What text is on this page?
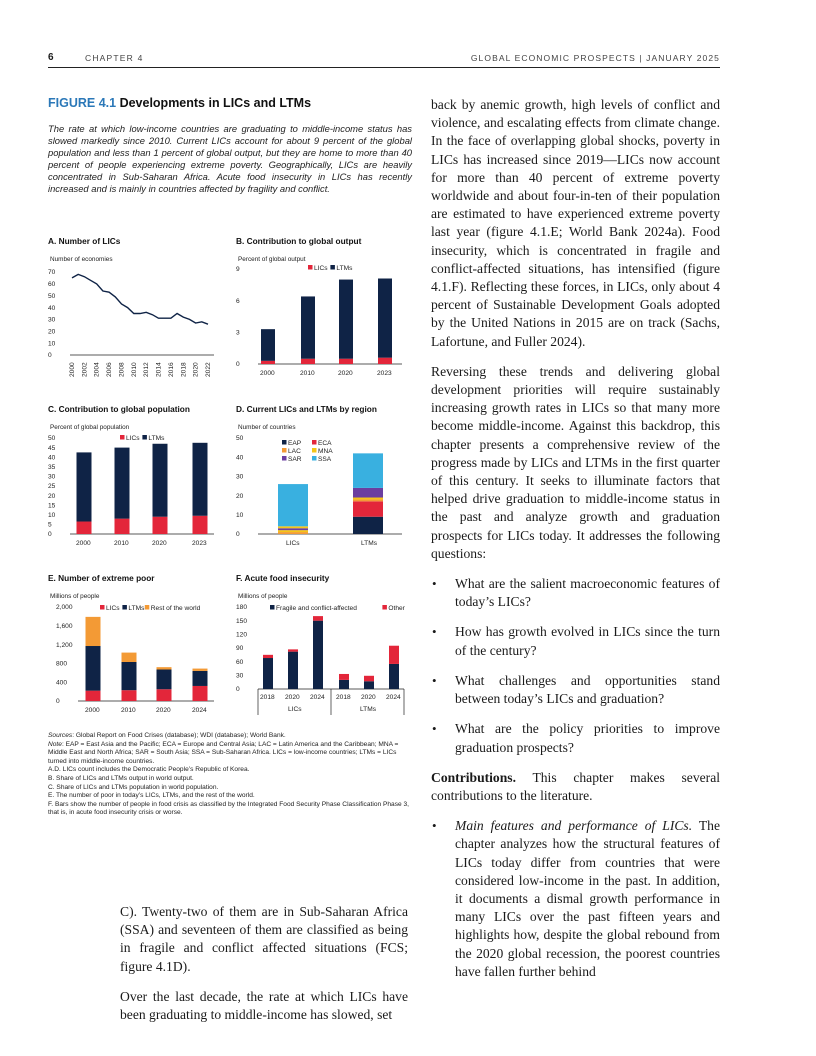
6	CHAPTER 4	GLOBAL ECONOMIC PROSPECTS | JANUARY 2025
FIGURE 4.1 Developments in LICs and LTMs
The rate at which low-income countries are graduating to middle-income status has slowed markedly since 2010. Current LICs account for about 9 percent of the global population and less than 1 percent of global output, but they are home to more than 40 percent of people experiencing extreme poverty. Geographically, LICs are heavily concentrated in Sub-Saharan Africa. Acute food insecurity in LICs has recently increased and is mainly in countries affected by fragility and conflict.
A. Number of LICs
Number of economies
0
10
20
30
40
50
60
70
2000 2002 2004 2006 2008 2010 2012 2014 2016 2018 2020 2022
B. Contribution to global output
Percent of global output
0
3
6
9
2000	2010	2020	2023
LICs LTMs
C. Contribution to global population
Percent of global population
0
5
10
15
20
25
30
35
40
45
50
2000	2010	2020	2023
LICs LTMs
D. Current LICs and LTMs by region
Number of countries
0
10
20
30
40
50
LICs	LTMs
EAP	ECA
LAC	MNA
SAR SSA
E. Number of extreme poor
Millions of people
0
400
800
1,200
1,600
2,000
2000	2010	2020	2024
LICs LTMs Rest of the world
F. Acute food insecurity
Millions of people
0
30
60
90
120
150
180
2018 2020 2024 2018 2020 2024
LICs	LTMs
Fragile and conflict-affected	Other
Sources: Global Report on Food Crises (database); WDI (database); World Bank.
Note: EAP = East Asia and the Pacific; ECA = Europe and Central Asia; LAC = Latin America and the Caribbean; MNA = Middle East and North Africa; SAR = South Asia; SSA = Sub-Saharan Africa. LICs = low-income countries; LTMs = LICs turned into middle-income countries.
A.D. LICs count includes the Democratic People’s Republic of Korea.
B. Share of LICs and LTMs output in world output.
C. Share of LICs and LTMs population in world population.
E. The number of poor in today’s LICs, LTMs, and the rest of the world.
F. Bars show the number of people in food crisis as classified by the Integrated Food Security Phase Classification Phase 3, that is, in acute food insecurity crisis or worse.

C). Twenty-two of them are in Sub-Saharan Africa (SSA) and seventeen of them are classified as being in fragile and conflict affected situations (FCS; figure 4.1D).

Over the last decade, the rate at which LICs have been graduating to middle-income has slowed, set

back by anemic growth, high levels of conflict and violence, and escalating effects from climate change. In the face of overlapping global shocks, poverty in LICs has increased since 2019—LICs now account for more than 40 percent of extreme poverty worldwide and about four-in-ten of their population are estimated to have experienced extreme poverty last year (figure 4.1.E; World Bank 2024a). Food insecurity, which is concentrated in fragile and conflict-affected situations, has intensified (figure 4.1.F). Reflecting these forces, in LICs, only about 4 percent of Sustainable Development Goals adopted by the United Nations in 2015 are on track (Sachs, Lafortune, and Fuller 2024).

Reversing these trends and delivering global development priorities will require sustainably increasing growth rates in LICs so that many more become middle-income. Against this backdrop, this chapter presents a comprehensive review of the progress made by LICs and LTMs in the first quarter of this century. It seeks to illuminate factors that helped drive graduation to middle-income status in the past and analyze growth and graduation prospects for LICs today. It addresses the following questions:

• What are the salient macroeconomic features of today’s LICs?
• How has growth evolved in LICs since the turn of the century?
• What challenges and opportunities stand between today’s LICs and graduation?
• What are the policy priorities to improve graduation prospects?

Contributions. This chapter makes several contributions to the literature.

• Main features and performance of LICs. The chapter analyzes how the structural features of LICs today differ from countries that were considered low-income in the past. In addition, it documents a dismal growth performance in many LICs over the past fifteen years and highlights how, despite the global rebound from the 2020 global recession, the poorest countries have fallen further behind
